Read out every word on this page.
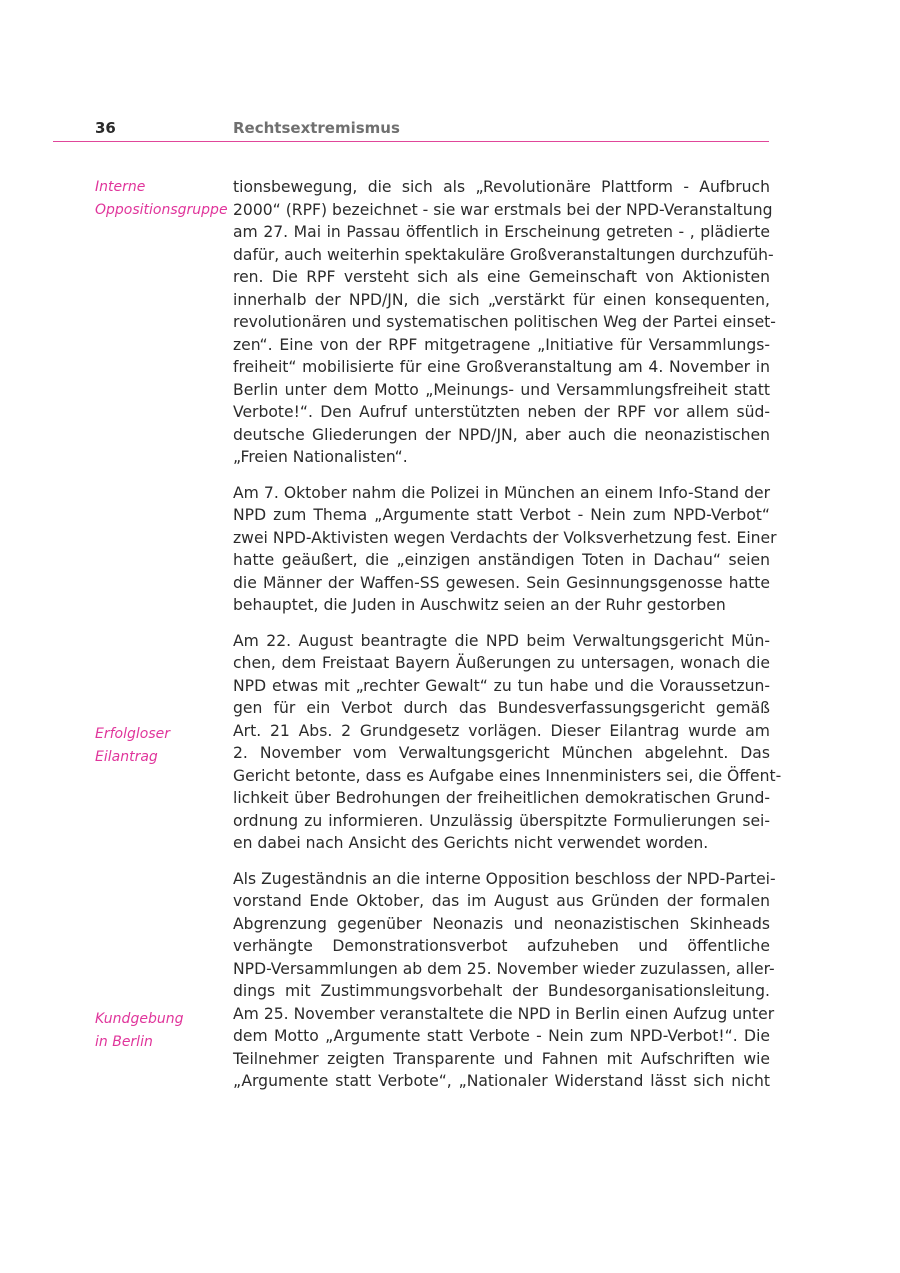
36	Rechtsextremismus
Interne
Oppositionsgruppe
Erfolgloser
Eilantrag
Kundgebung
in Berlin
tionsbewegung, die sich als „Revolutionäre Plattform - Aufbruch
2000“ (RPF) bezeichnet - sie war erstmals bei der NPD-Veranstaltung
am 27. Mai in Passau öffentlich in Erscheinung getreten - , plädierte
dafür, auch weiterhin spektakuläre Großveranstaltungen durchzufüh-
ren. Die RPF versteht sich als eine Gemeinschaft von Aktionisten
innerhalb der NPD/JN, die sich „verstärkt für einen konsequenten,
revolutionären und systematischen politischen Weg der Partei einset-
zen“. Eine von der RPF mitgetragene „Initiative für Versammlungs-
freiheit“ mobilisierte für eine Großveranstaltung am 4. November in
Berlin unter dem Motto „Meinungs- und Versammlungsfreiheit statt
Verbote!“. Den Aufruf unterstützten neben der RPF vor allem süd-
deutsche Gliederungen der NPD/JN, aber auch die neonazistischen
„Freien Nationalisten“.
Am 7. Oktober nahm die Polizei in München an einem Info-Stand der
NPD zum Thema „Argumente statt Verbot - Nein zum NPD-Verbot“
zwei NPD-Aktivisten wegen Verdachts der Volksverhetzung fest. Einer
hatte geäußert, die „einzigen anständigen Toten in Dachau“ seien
die Männer der Waffen-SS gewesen. Sein Gesinnungsgenosse hatte
behauptet, die Juden in Auschwitz seien an der Ruhr gestorben
Am 22. August beantragte die NPD beim Verwaltungsgericht Mün-
chen, dem Freistaat Bayern Äußerungen zu untersagen, wonach die
NPD etwas mit „rechter Gewalt“ zu tun habe und die Voraussetzun-
gen für ein Verbot durch das Bundesverfassungsgericht gemäß
Art. 21 Abs. 2 Grundgesetz vorlägen. Dieser Eilantrag wurde am
2. November vom Verwaltungsgericht München abgelehnt. Das
Gericht betonte, dass es Aufgabe eines Innenministers sei, die Öffent-
lichkeit über Bedrohungen der freiheitlichen demokratischen Grund-
ordnung zu informieren. Unzulässig überspitzte Formulierungen sei-
en dabei nach Ansicht des Gerichts nicht verwendet worden.
Als Zugeständnis an die interne Opposition beschloss der NPD-Partei-
vorstand Ende Oktober, das im August aus Gründen der formalen
Abgrenzung gegenüber Neonazis und neonazistischen Skinheads
verhängte Demonstrationsverbot aufzuheben und öffentliche
NPD-Versammlungen ab dem 25. November wieder zuzulassen, aller-
dings mit Zustimmungsvorbehalt der Bundesorganisationsleitung.
Am 25. November veranstaltete die NPD in Berlin einen Aufzug unter
dem Motto „Argumente statt Verbote - Nein zum NPD-Verbot!“. Die
Teilnehmer zeigten Transparente und Fahnen mit Aufschriften wie
„Argumente statt Verbote“, „Nationaler Widerstand lässt sich nicht
